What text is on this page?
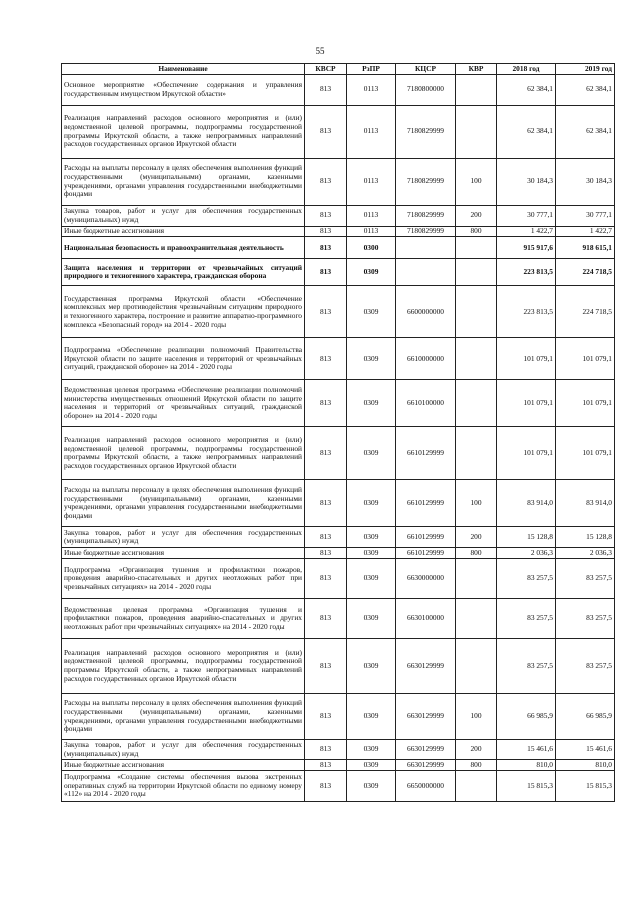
55
Наименование	КВСР	РзПР	КЦСР	КВР	2018 год	2019 год
Основное мероприятие «Обеспечение содержания и управления государственным имуществом Иркутской области»	813	0113	7180800000		62 384,1	62 384,1
Реализация направлений расходов основного мероприятия и (или) ведомственной целевой программы, подпрограммы государственной программы Иркутской области, а также непрограммных направлений расходов государственных органов Иркутской области	813	0113	7180829999		62 384,1	62 384,1
Расходы на выплаты персоналу в целях обеспечения выполнения функций государственными (муниципальными) органами, казенными учреждениями, органами управления государственными внебюджетными фондами	813	0113	7180829999	100	30 184,3	30 184,3
Закупка товаров, работ и услуг для обеспечения государственных (муниципальных) нужд	813	0113	7180829999	200	30 777,1	30 777,1
Иные бюджетные ассигнования	813	0113	7180829999	800	1 422,7	1 422,7
Национальная безопасность и правоохранительная деятельность	813	0300			915 917,6	918 615,1
Защита населения и территории от чрезвычайных ситуаций природного и техногенного характера, гражданская оборона	813	0309			223 813,5	224 718,5
Государственная программа Иркутской области «Обеспечение комплексных мер противодействия чрезвычайным ситуациям природного и техногенного характера, построение и развитие аппаратно-программного комплекса «Безопасный город» на 2014 - 2020 годы	813	0309	6600000000		223 813,5	224 718,5
Подпрограмма «Обеспечение реализации полномочий Правительства Иркутской области по защите населения и территорий от чрезвычайных ситуаций, гражданской обороне» на 2014 - 2020 годы	813	0309	6610000000		101 079,1	101 079,1
Ведомственная целевая программа «Обеспечение реализации полномочий министерства имущественных отношений Иркутской области по защите населения и территорий от чрезвычайных ситуаций, гражданской обороне» на 2014 - 2020 годы	813	0309	6610100000		101 079,1	101 079,1
Реализация направлений расходов основного мероприятия и (или) ведомственной целевой программы, подпрограммы государственной программы Иркутской области, а также непрограммных направлений расходов государственных органов Иркутской области	813	0309	6610129999		101 079,1	101 079,1
Расходы на выплаты персоналу в целях обеспечения выполнения функций государственными (муниципальными) органами, казенными учреждениями, органами управления государственными внебюджетными фондами	813	0309	6610129999	100	83 914,0	83 914,0
Закупка товаров, работ и услуг для обеспечения государственных (муниципальных) нужд	813	0309	6610129999	200	15 128,8	15 128,8
Иные бюджетные ассигнования	813	0309	6610129999	800	2 036,3	2 036,3
Подпрограмма «Организация тушения и профилактики пожаров, проведения аварийно-спасательных и других неотложных работ при чрезвычайных ситуациях» на 2014 - 2020 годы	813	0309	6630000000		83 257,5	83 257,5
Ведомственная целевая программа «Организация тушения и профилактики пожаров, проведения аварийно-спасательных и других неотложных работ при чрезвычайных ситуациях» на 2014 - 2020 годы	813	0309	6630100000		83 257,5	83 257,5
Реализация направлений расходов основного мероприятия и (или) ведомственной целевой программы, подпрограммы государственной программы Иркутской области, а также непрограммных направлений расходов государственных органов Иркутской области	813	0309	6630129999		83 257,5	83 257,5
Расходы на выплаты персоналу в целях обеспечения выполнения функций государственными (муниципальными) органами, казенными учреждениями, органами управления государственными внебюджетными фондами	813	0309	6630129999	100	66 985,9	66 985,9
Закупка товаров, работ и услуг для обеспечения государственных (муниципальных) нужд	813	0309	6630129999	200	15 461,6	15 461,6
Иные бюджетные ассигнования	813	0309	6630129999	800	810,0	810,0
Подпрограмма «Создание системы обеспечения вызова экстренных оперативных служб на территории Иркутской области по единому номеру «112» на 2014 - 2020 годы	813	0309	6650000000		15 815,3	15 815,3
